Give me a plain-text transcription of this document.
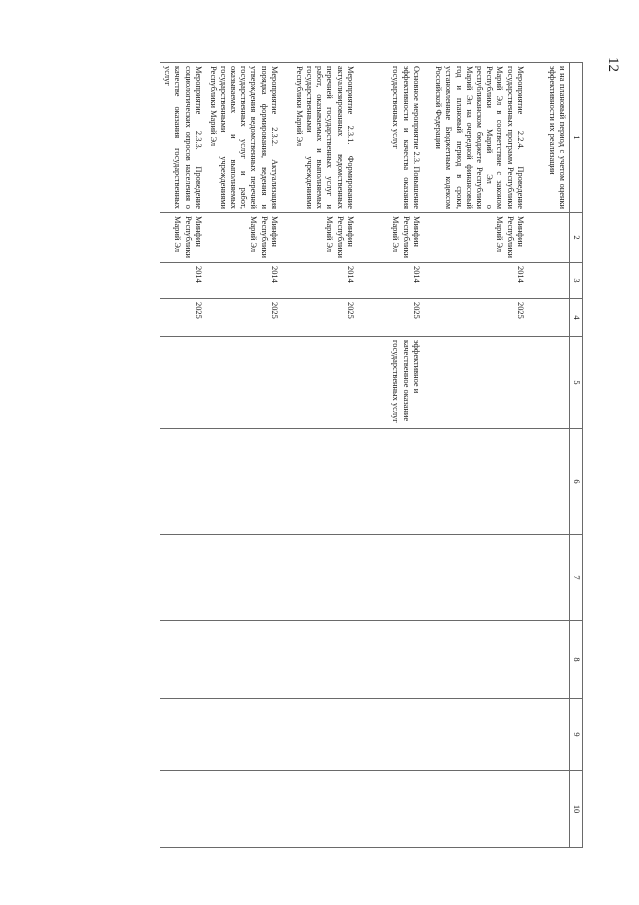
12
1	2	3	4	5	6	7	8	9	10
и на плановый период с учетом оценки эффективности их реализации									
Мероприятие 2.2.4. Проведение государственных программ Республики Марий Эл в соответствие с законом Республики Марий Эл о республиканском бюджете Республики Марий Эл на очередной финансовый год и плановый период в сроки, установленные Бюджетным кодексом Российской Федерации	Минфин Республики Марий Эл	2014	2025						
Основное мероприятие 2.3. Повышение эффективности и качества оказания государственных услуг	Минфин Республики Марий Эл	2014	2025	эффективное и качественное оказание государственных услуг					
Мероприятие 2.3.1. Формирование актуализированных ведомственных перечней государственных услуг и работ, оказываемых и выполняемых государственными учреждениями Республики Марий Эл	Минфин Республики Марий Эл	2014	2025						
Мероприятие 2.3.2. Актуализация порядка формирования, ведения и утверждения ведомственных перечней государственных услуг и работ, оказываемых и выполняемых государственными учреждениями Республики Марий Эл	Минфин Республики Марий Эл	2014	2025						
Мероприятие 2.3.3. Проведение социологических опросов населения о качестве оказания государственных услуг	Минфин Республики Марий Эл	2014	2025						
